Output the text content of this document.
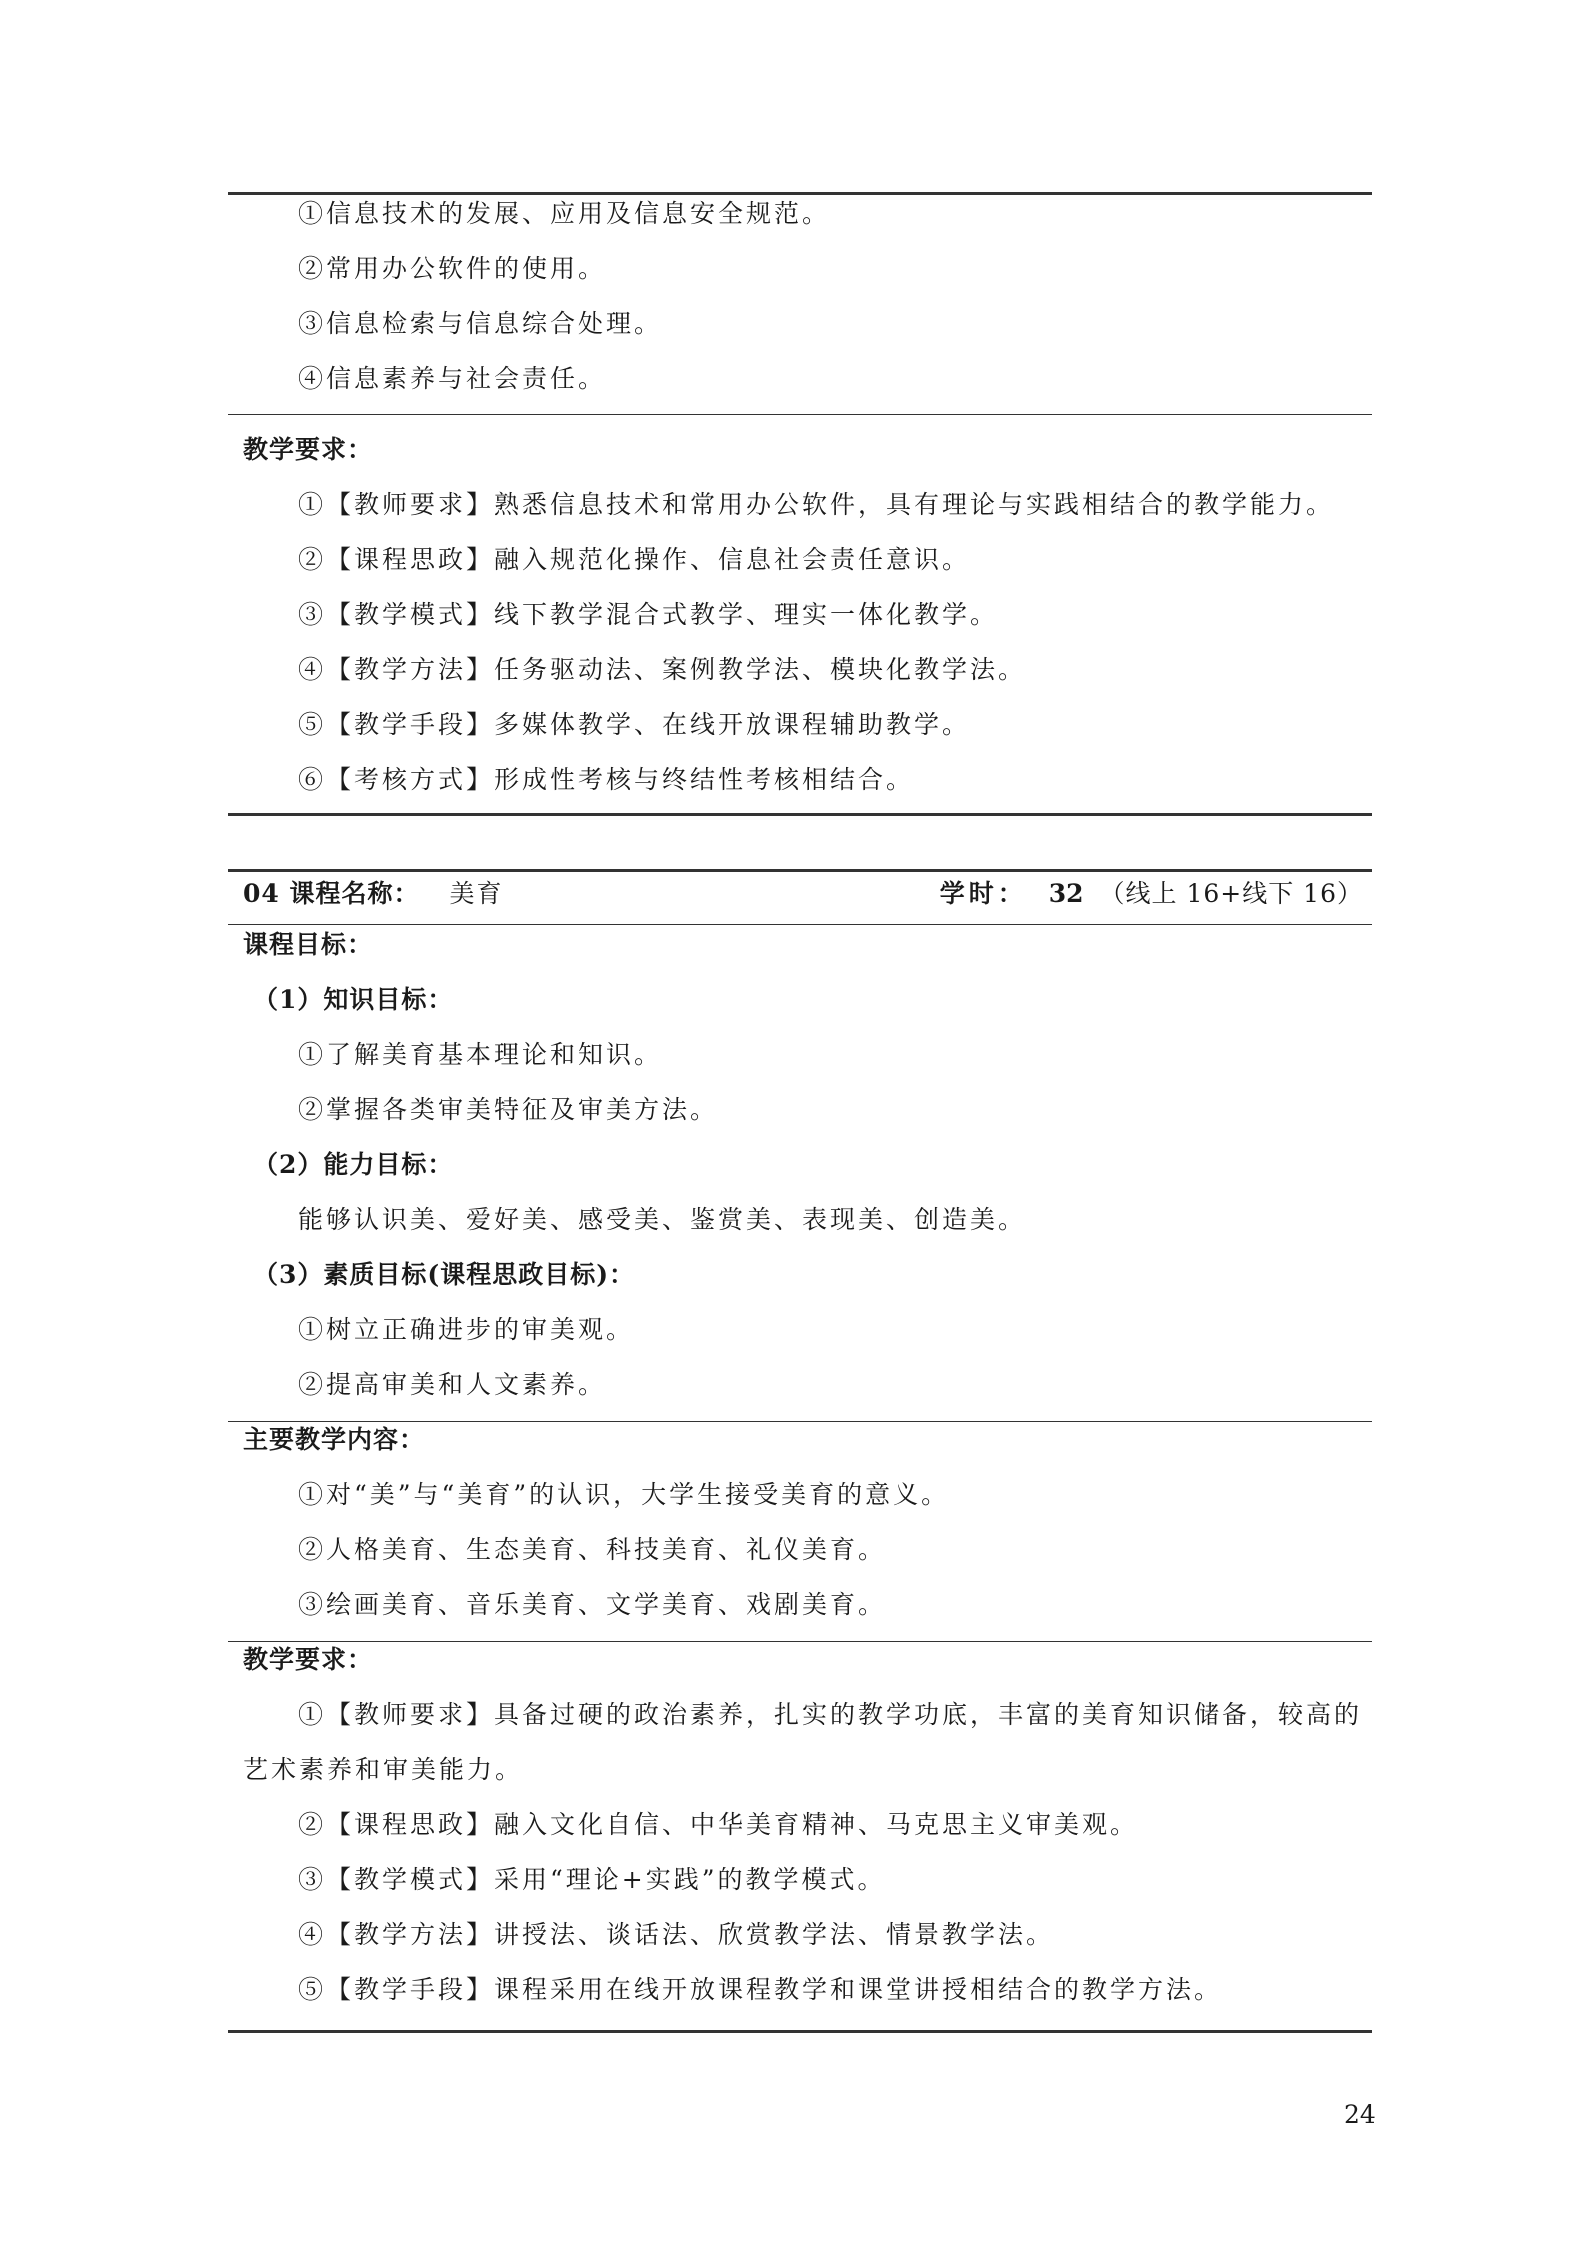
①信息技术的发展、应用及信息安全规范。
②常用办公软件的使用。
③信息检索与信息综合处理。
④信息素养与社会责任。
教学要求：
①【教师要求】熟悉信息技术和常用办公软件，具有理论与实践相结合的教学能力。
②【课程思政】融入规范化操作、信息社会责任意识。
③【教学模式】线下教学混合式教学、理实一体化教学。
④【教学方法】任务驱动法、案例教学法、模块化教学法。
⑤【教学手段】多媒体教学、在线开放课程辅助教学。
⑥【考核方式】形成性考核与终结性考核相结合。
04 课程名称： 美育	学时： 32 （线上 16+线下 16）
课程目标：
（1）知识目标：
①了解美育基本理论和知识。
②掌握各类审美特征及审美方法。
（2）能力目标：
能够认识美、爱好美、感受美、鉴赏美、表现美、创造美。
（3）素质目标(课程思政目标)：
①树立正确进步的审美观。
②提高审美和人文素养。
主要教学内容：
①对“美”与“美育”的认识，大学生接受美育的意义。
②人格美育、生态美育、科技美育、礼仪美育。
③绘画美育、音乐美育、文学美育、戏剧美育。
教学要求：
①【教师要求】具备过硬的政治素养，扎实的教学功底，丰富的美育知识储备，较高的
艺术素养和审美能力。
②【课程思政】融入文化自信、中华美育精神、马克思主义审美观。
③【教学模式】采用“理论+实践”的教学模式。
④【教学方法】讲授法、谈话法、欣赏教学法、情景教学法。
⑤【教学手段】课程采用在线开放课程教学和课堂讲授相结合的教学方法。
24
